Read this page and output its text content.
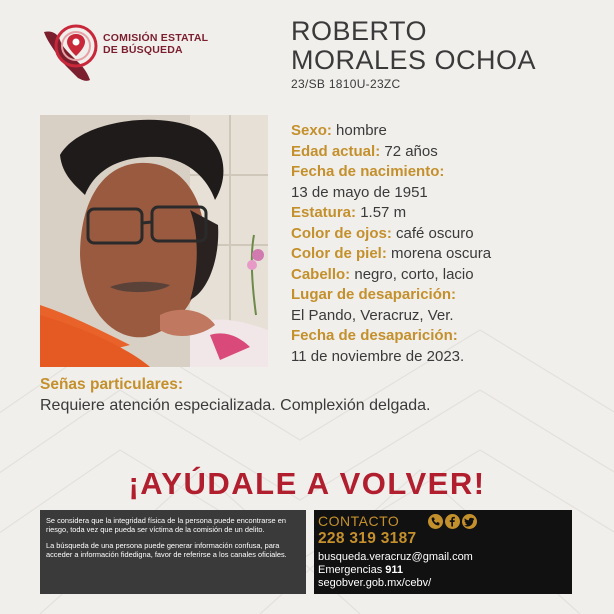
COMISIÓN ESTATAL
DE BÚSQUEDA
ROBERTO
MORALES OCHOA
23/SB 1810U-23ZC
Sexo: hombre
Edad actual: 72 años
Fecha de nacimiento:
13 de mayo de 1951
Estatura: 1.57 m
Color de ojos: café oscuro
Color de piel: morena oscura
Cabello: negro, corto, lacio
Lugar de desaparición:
El Pando, Veracruz, Ver.
Fecha de desaparición:
11 de noviembre de 2023.
Señas particulares:
Requiere atención especializada. Complexión delgada.
¡AYÚDALE A VOLVER!

Se considera que la integridad física de la persona puede encontrarse en riesgo, toda vez que pueda ser víctima de la comisión de un delito.

La búsqueda de una persona puede generar información confusa, para acceder a información fidedigna, favor de referirse a los canales oficiales.

CONTACTO
228 319 3187
busqueda.veracruz@gmail.com
Emergencias 911
segobver.gob.mx/cebv/
